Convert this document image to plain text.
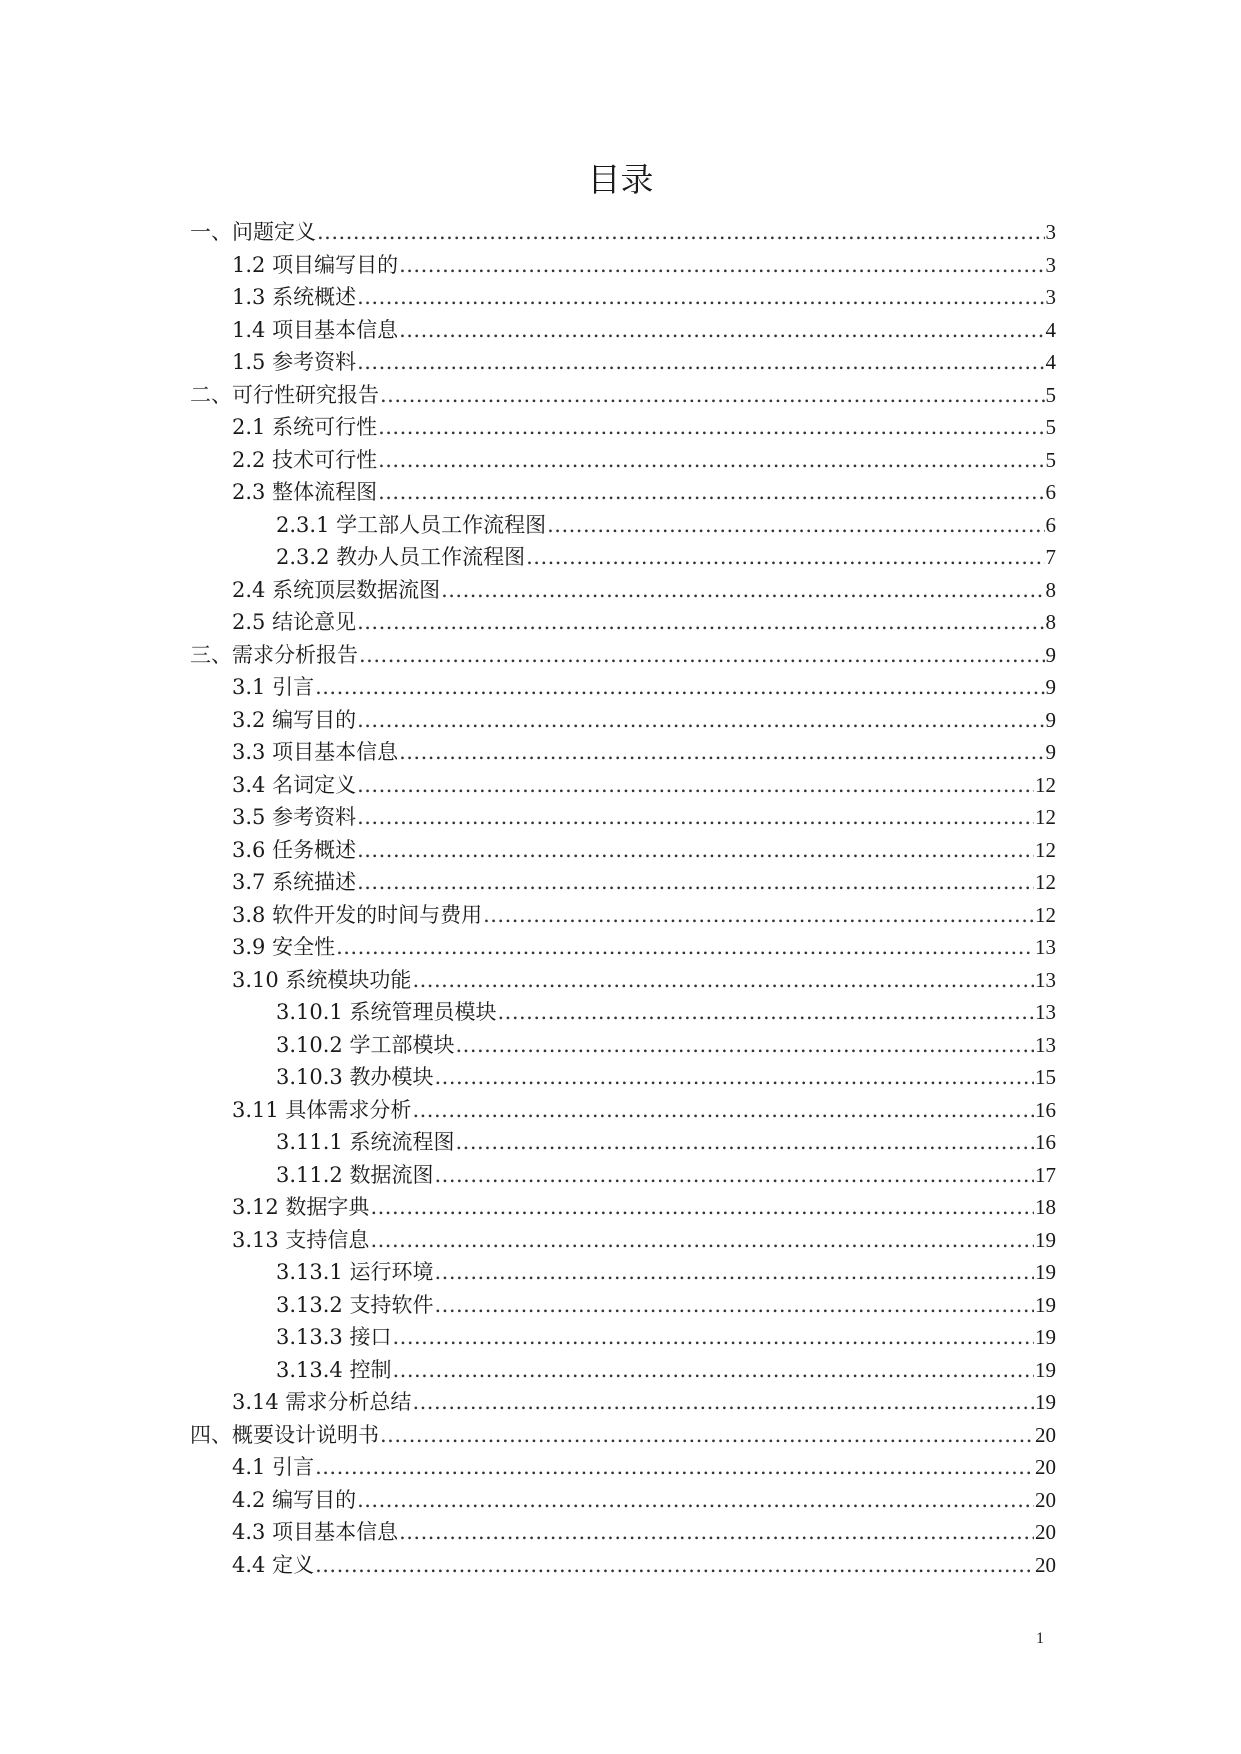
目录
一、问题定义 .....	3
1.2 项目编写目的 .....	3
1.3 系统概述 .....	3
1.4 项目基本信息 .....	4
1.5 参考资料 .....	4
二、可行性研究报告 .....	5
2.1 系统可行性 .....	5
2.2 技术可行性 .....	5
2.3 整体流程图 .....	6
2.3.1 学工部人员工作流程图 .....	6
2.3.2 教办人员工作流程图 .....	7
2.4 系统顶层数据流图 .....	8
2.5 结论意见 .....	8
三、需求分析报告 .....	9
3.1 引言 .....	9
3.2 编写目的 .....	9
3.3 项目基本信息 .....	9
3.4 名词定义 .....	12
3.5 参考资料 .....	12
3.6 任务概述 .....	12
3.7 系统描述 .....	12
3.8 软件开发的时间与费用 .....	12
3.9 安全性 .....	13
3.10 系统模块功能 .....	13
3.10.1 系统管理员模块 .....	13
3.10.2 学工部模块 .....	13
3.10.3 教办模块 .....	15
3.11 具体需求分析 .....	16
3.11.1 系统流程图 .....	16
3.11.2 数据流图 .....	17
3.12 数据字典 .....	18
3.13 支持信息 .....	19
3.13.1 运行环境 .....	19
3.13.2 支持软件 .....	19
3.13.3 接口 .....	19
3.13.4 控制 .....	19
3.14 需求分析总结 .....	19
四、概要设计说明书 .....	20
4.1 引言 .....	20
4.2 编写目的 .....	20
4.3 项目基本信息 .....	20
4.4 定义 .....	20
1
